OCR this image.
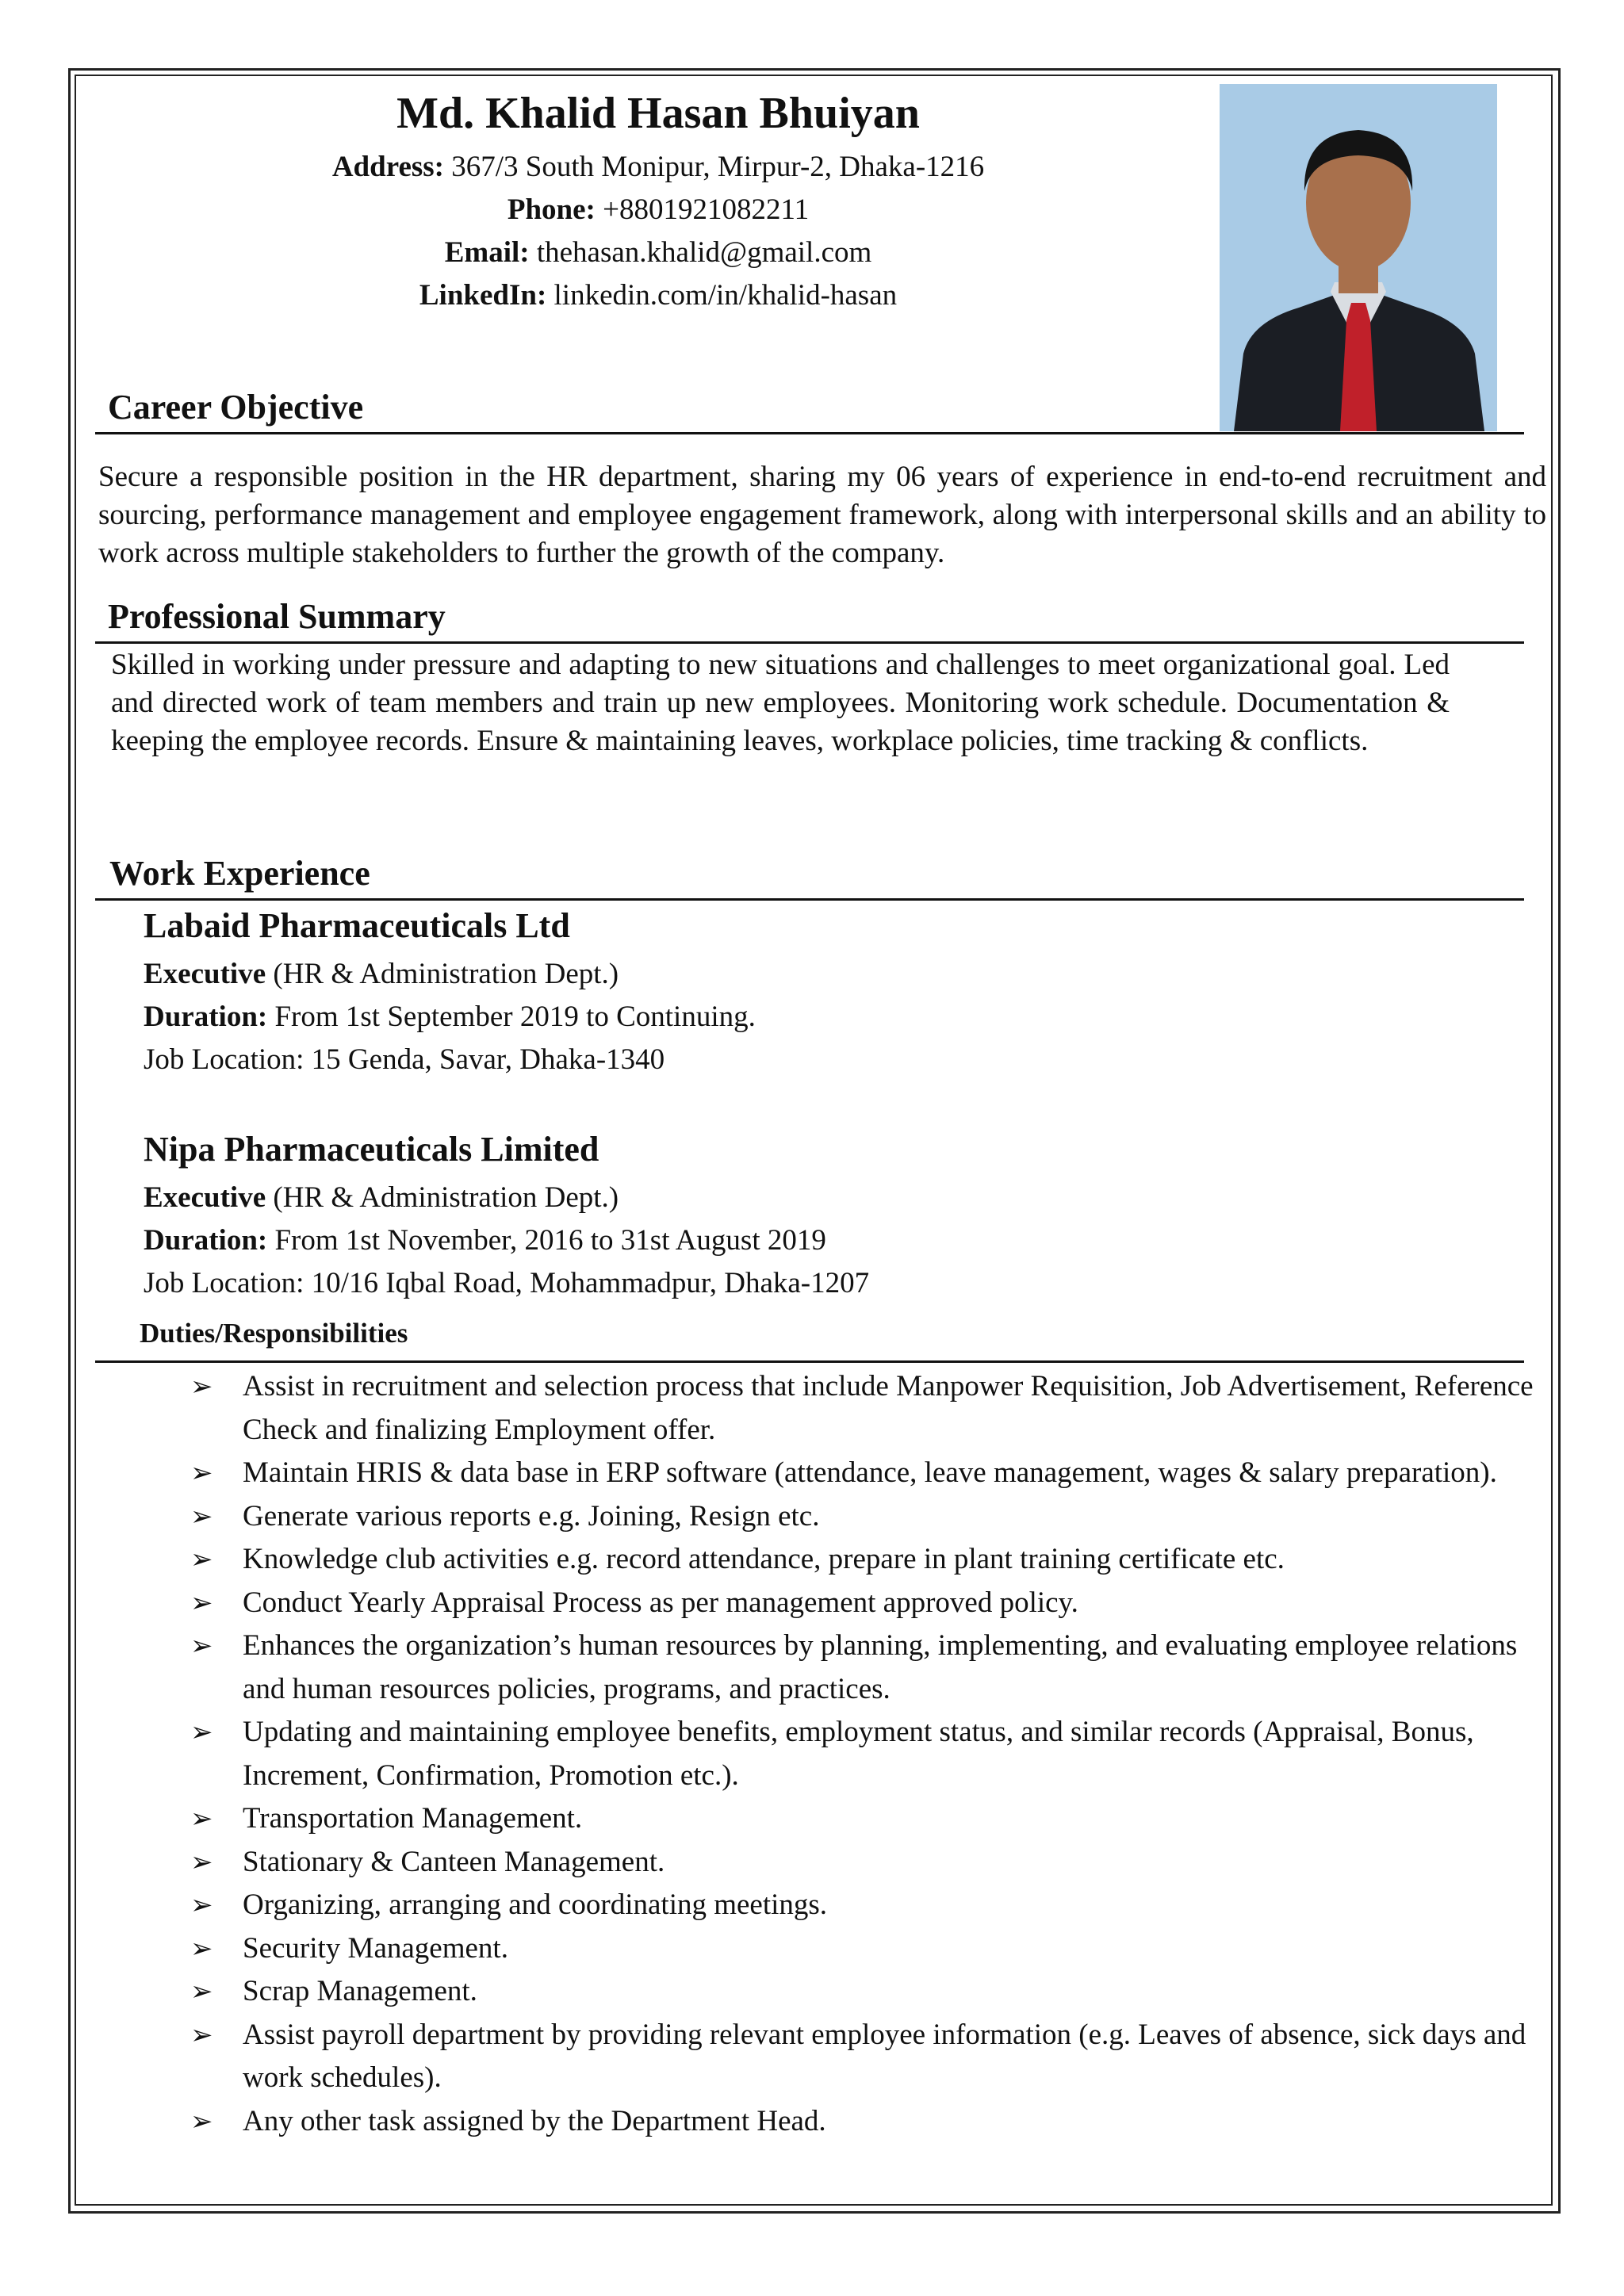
Md. Khalid Hasan Bhuiyan
Address: 367/3 South Monipur, Mirpur-2, Dhaka-1216
Phone: +8801921082211
Email: thehasan.khalid@gmail.com
LinkedIn: linkedin.com/in/khalid-hasan
Career Objective
Secure a responsible position in the HR department, sharing my 06 years of experience in end-to-end recruitment and sourcing, performance management and employee engagement framework, along with interpersonal skills and an ability to work across multiple stakeholders to further the growth of the company.
Professional Summary
Skilled in working under pressure and adapting to new situations and challenges to meet organizational goal. Led and directed work of team members and train up new employees. Monitoring work schedule. Documentation & keeping the employee records. Ensure & maintaining leaves, workplace policies, time tracking & conflicts.
Work Experience
Labaid Pharmaceuticals Ltd
Executive (HR & Administration Dept.)
Duration: From 1st September 2019 to Continuing.
Job Location: 15 Genda, Savar, Dhaka-1340
Nipa Pharmaceuticals Limited
Executive (HR & Administration Dept.)
Duration: From 1st November, 2016 to 31st August 2019
Job Location: 10/16 Iqbal Road, Mohammadpur, Dhaka-1207
Duties/Responsibilities
➢ Assist in recruitment and selection process that include Manpower Requisition, Job Advertisement, Reference Check and finalizing Employment offer.
➢ Maintain HRIS & data base in ERP software (attendance, leave management, wages & salary preparation).
➢ Generate various reports e.g. Joining, Resign etc.
➢ Knowledge club activities e.g. record attendance, prepare in plant training certificate etc.
➢ Conduct Yearly Appraisal Process as per management approved policy.
➢ Enhances the organization’s human resources by planning, implementing, and evaluating employee relations and human resources policies, programs, and practices.
➢ Updating and maintaining employee benefits, employment status, and similar records (Appraisal, Bonus, Increment, Confirmation, Promotion etc.).
➢ Transportation Management.
➢ Stationary & Canteen Management.
➢ Organizing, arranging and coordinating meetings.
➢ Security Management.
➢ Scrap Management.
➢ Assist payroll department by providing relevant employee information (e.g. Leaves of absence, sick days and work schedules).
➢ Any other task assigned by the Department Head.
